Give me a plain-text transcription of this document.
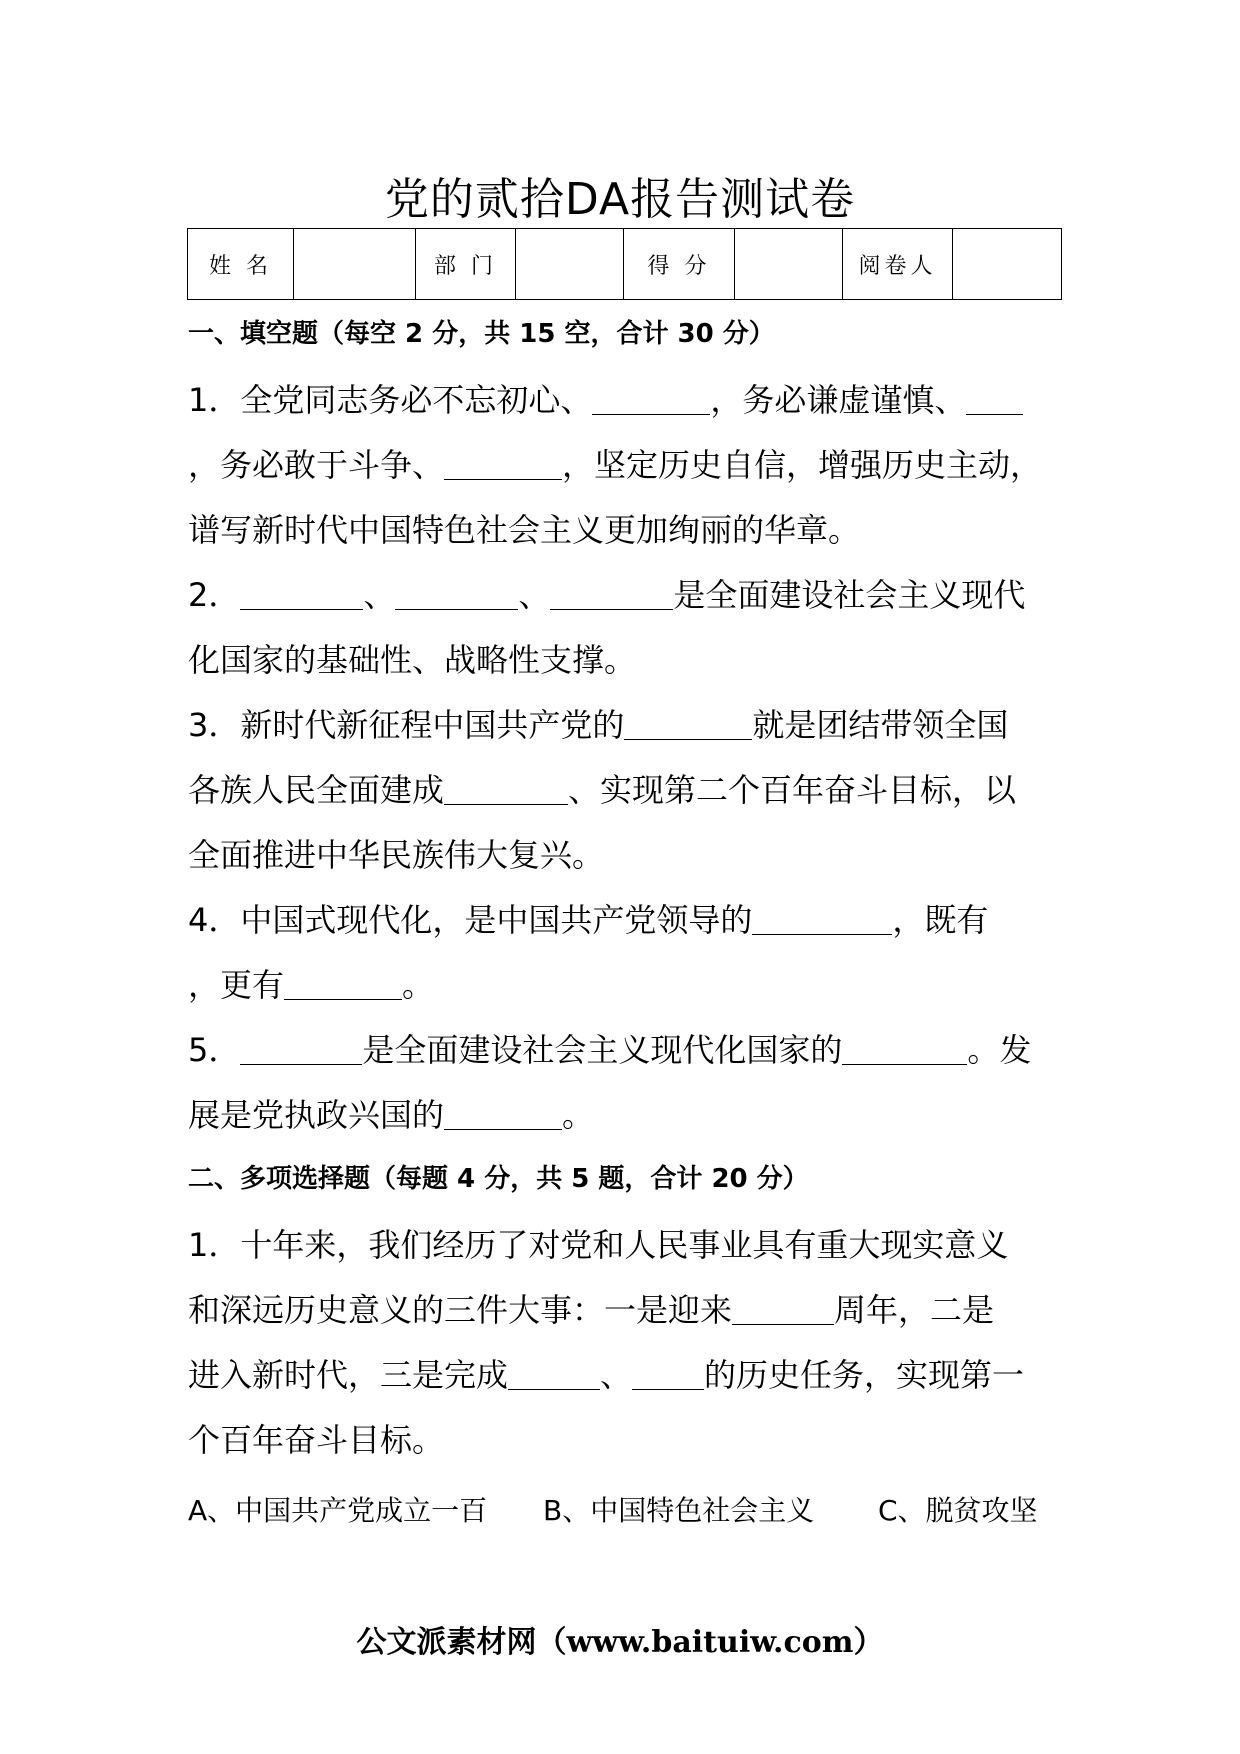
党的贰拾DA报告测试卷
姓 名		部 门		得 分		阅卷人	
一、填空题（每空 2 分，共 15 空，合计 30 分）
1．全党同志务必不忘初心、	，务必谦虚谨慎、
，务必敢于斗争、	，坚定历史自信，增强历史主动，
谱写新时代中国特色社会主义更加绚丽的华章。
2．	、	、	是全面建设社会主义现代
化国家的基础性、战略性支撑。
3．新时代新征程中国共产党的	就是团结带领全国
各族人民全面建成	、实现第二个百年奋斗目标，以
全面推进中华民族伟大复兴。
4．中国式现代化，是中国共产党领导的	，既有
，更有	。
5．	是全面建设社会主义现代化国家的	。发
展是党执政兴国的	。
二、多项选择题（每题 4 分，共 5 题，合计 20 分）
1．十年来，我们经历了对党和人民事业具有重大现实意义
和深远历史意义的三件大事：一是迎来	周年，二是
进入新时代，三是完成	、 的历史任务，实现第一
个百年奋斗目标。
A、中国共产党成立一百 B、中国特色社会主义 C、脱贫攻坚
公文派素材网（www.baituiw.com）
